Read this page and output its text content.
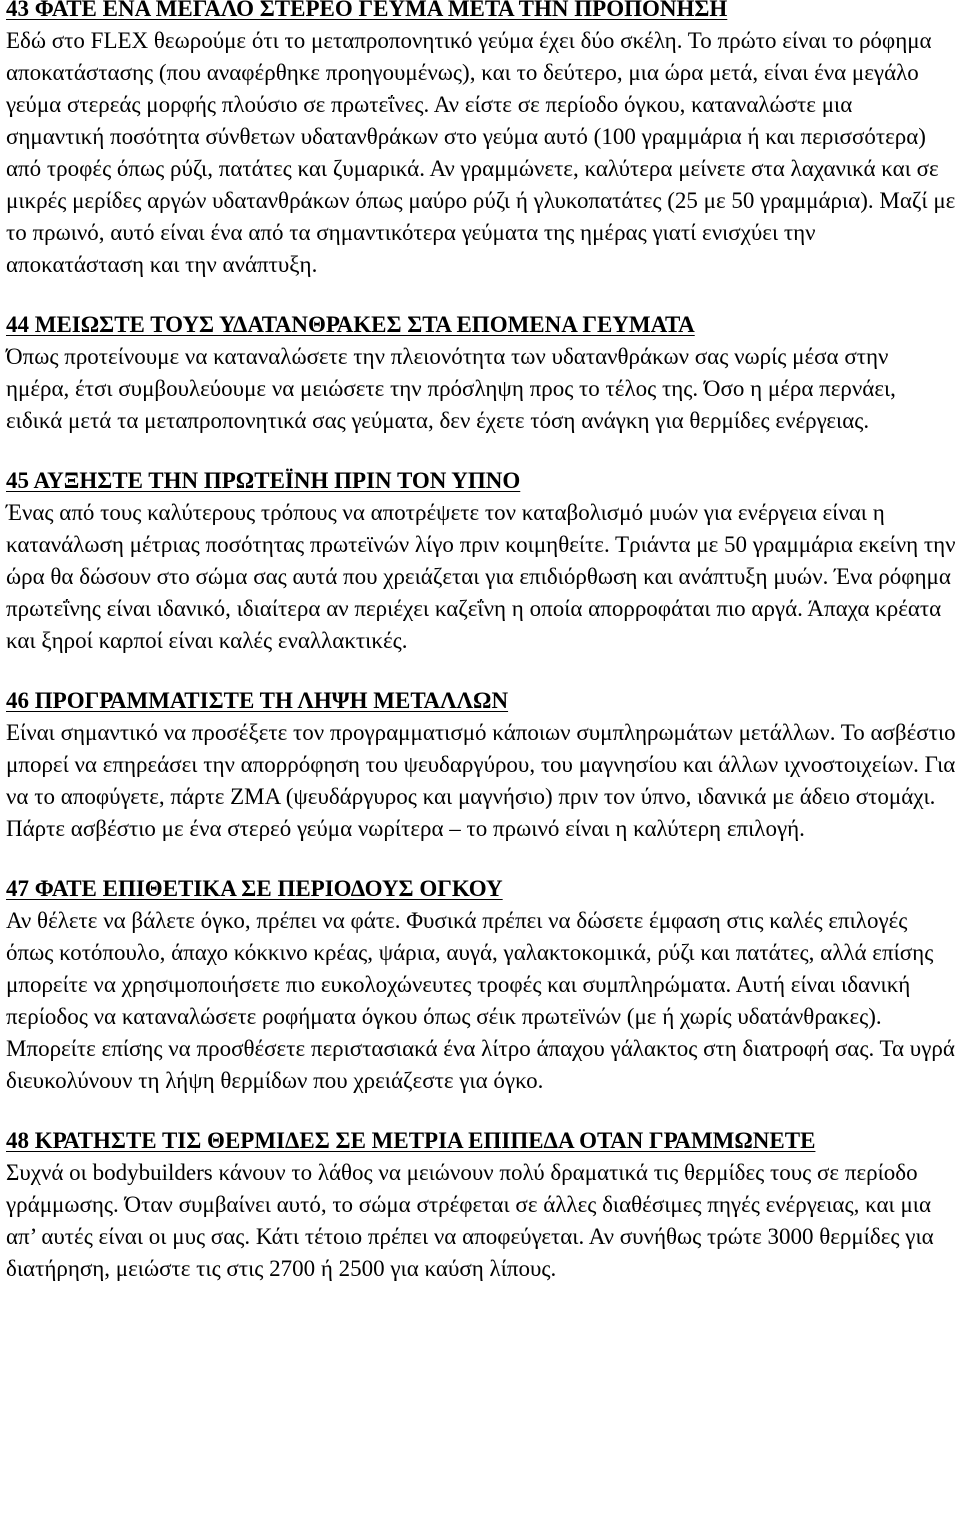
43 ΦΑΤΕ ΕΝΑ ΜΕΓΑΛΟ ΣΤΕΡΕΟ ΓΕΥΜΑ ΜΕΤΑ ΤΗΝ ΠΡΟΠΟΝΗΣΗ

Εδώ στο FLEX θεωρούμε ότι το μεταπροπονητικό γεύμα έχει δύο σκέλη. Το πρώτο είναι το ρόφημα αποκατάστασης (που αναφέρθηκε προηγουμένως), και το δεύτερο, μια ώρα μετά, είναι ένα μεγάλο γεύμα στερεάς μορφής πλούσιο σε πρωτεΐνες. Αν είστε σε περίοδο όγκου, καταναλώστε μια σημαντική ποσότητα σύνθετων υδατανθράκων στο γεύμα αυτό (100 γραμμάρια ή και περισσότερα) από τροφές όπως ρύζι, πατάτες και ζυμαρικά. Αν γραμμώνετε, καλύτερα μείνετε στα λαχανικά και σε μικρές μερίδες αργών υδατανθράκων όπως μαύρο ρύζι ή γλυκοπατάτες (25 με 50 γραμμάρια). Μαζί με το πρωινό, αυτό είναι ένα από τα σημαντικότερα γεύματα της ημέρας γιατί ενισχύει την αποκατάσταση και την ανάπτυξη.

44 ΜΕΙΩΣΤΕ ΤΟΥΣ ΥΔΑΤΑΝΘΡΑΚΕΣ ΣΤΑ ΕΠΟΜΕΝΑ ΓΕΥΜΑΤΑ

Όπως προτείνουμε να καταναλώσετε την πλειονότητα των υδατανθράκων σας νωρίς μέσα στην ημέρα, έτσι συμβουλεύουμε να μειώσετε την πρόσληψη προς το τέλος της. Όσο η μέρα περνάει, ειδικά μετά τα μεταπροπονητικά σας γεύματα, δεν έχετε τόση ανάγκη για θερμίδες ενέργειας.

45 ΑΥΞΗΣΤΕ ΤΗΝ ΠΡΩΤΕΪΝΗ ΠΡΙΝ ΤΟΝ ΥΠΝΟ

Ένας από τους καλύτερους τρόπους να αποτρέψετε τον καταβολισμό μυών για ενέργεια είναι η κατανάλωση μέτριας ποσότητας πρωτεϊνών λίγο πριν κοιμηθείτε. Τριάντα με 50 γραμμάρια εκείνη την ώρα θα δώσουν στο σώμα σας αυτά που χρειάζεται για επιδιόρθωση και ανάπτυξη μυών. Ένα ρόφημα πρωτεΐνης είναι ιδανικό, ιδιαίτερα αν περιέχει καζεΐνη η οποία απορροφάται πιο αργά. Άπαχα κρέατα και ξηροί καρποί είναι καλές εναλλακτικές.

46 ΠΡΟΓΡΑΜΜΑΤΙΣΤΕ ΤΗ ΛΗΨΗ ΜΕΤΑΛΛΩΝ

Είναι σημαντικό να προσέξετε τον προγραμματισμό κάποιων συμπληρωμάτων μετάλλων. Το ασβέστιο μπορεί να επηρεάσει την απορρόφηση του ψευδαργύρου, του μαγνησίου και άλλων ιχνοστοιχείων. Για να το αποφύγετε, πάρτε ZMA (ψευδάργυρος και μαγνήσιο) πριν τον ύπνο, ιδανικά με άδειο στομάχι. Πάρτε ασβέστιο με ένα στερεό γεύμα νωρίτερα – το πρωινό είναι η καλύτερη επιλογή.

47 ΦΑΤΕ ΕΠΙΘΕΤΙΚΑ ΣΕ ΠΕΡΙΟΔΟΥΣ ΟΓΚΟΥ

Αν θέλετε να βάλετε όγκο, πρέπει να φάτε. Φυσικά πρέπει να δώσετε έμφαση στις καλές επιλογές όπως κοτόπουλο, άπαχο κόκκινο κρέας, ψάρια, αυγά, γαλακτοκομικά, ρύζι και πατάτες, αλλά επίσης μπορείτε να χρησιμοποιήσετε πιο ευκολοχώνευτες τροφές και συμπληρώματα. Αυτή είναι ιδανική περίοδος να καταναλώσετε ροφήματα όγκου όπως σέικ πρωτεϊνών (με ή χωρίς υδατάνθρακες). Μπορείτε επίσης να προσθέσετε περιστασιακά ένα λίτρο άπαχου γάλακτος στη διατροφή σας. Τα υγρά διευκολύνουν τη λήψη θερμίδων που χρειάζεστε για όγκο.

48 ΚΡΑΤΗΣΤΕ ΤΙΣ ΘΕΡΜΙΔΕΣ ΣΕ ΜΕΤΡΙΑ ΕΠΙΠΕΔΑ ΟΤΑΝ ΓΡΑΜΜΩΝΕΤΕ

Συχνά οι bodybuilders κάνουν το λάθος να μειώνουν πολύ δραματικά τις θερμίδες τους σε περίοδο γράμμωσης. Όταν συμβαίνει αυτό, το σώμα στρέφεται σε άλλες διαθέσιμες πηγές ενέργειας, και μια απ’ αυτές είναι οι μυς σας. Κάτι τέτοιο πρέπει να αποφεύγεται. Αν συνήθως τρώτε 3000 θερμίδες για διατήρηση, μειώστε τις στις 2700 ή 2500 για καύση λίπους.
